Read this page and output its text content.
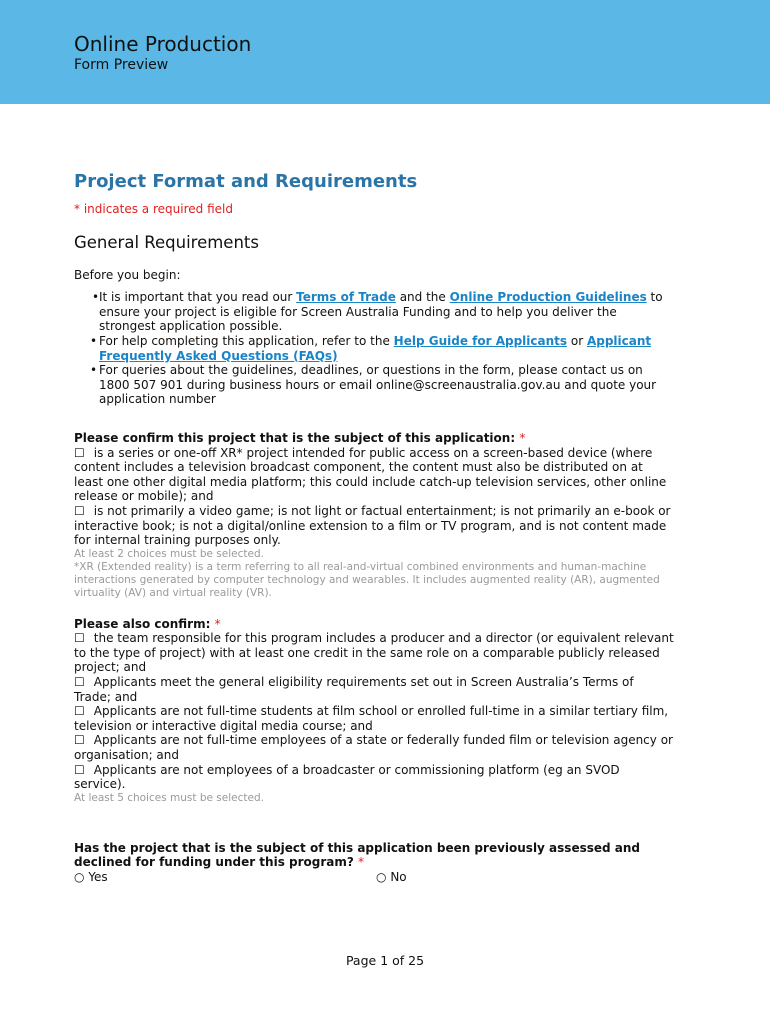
Online Production
Form Preview
Project Format and Requirements
* indicates a required field
General Requirements
Before you begin:
• It is important that you read our Terms of Trade and the Online Production Guidelines to ensure your project is eligible for Screen Australia Funding and to help you deliver the strongest application possible.
• For help completing this application, refer to the Help Guide for Applicants or Applicant Frequently Asked Questions (FAQs)
• For queries about the guidelines, deadlines, or questions in the form, please contact us on 1800 507 901 during business hours or email online@screenaustralia.gov.au and quote your application number
Please confirm this project that is the subject of this application: *
☐ is a series or one-off XR* project intended for public access on a screen-based device (where content includes a television broadcast component, the content must also be distributed on at least one other digital media platform; this could include catch-up television services, other online release or mobile); and
☐ is not primarily a video game; is not light or factual entertainment; is not primarily an e-book or interactive book; is not a digital/online extension to a film or TV program, and is not content made for internal training purposes only.
At least 2 choices must be selected.
*XR (Extended reality) is a term referring to all real-and-virtual combined environments and human-machine interactions generated by computer technology and wearables. It includes augmented reality (AR), augmented virtuality (AV) and virtual reality (VR).
Please also confirm: *
☐ the team responsible for this program includes a producer and a director (or equivalent relevant to the type of project) with at least one credit in the same role on a comparable publicly released project; and
☐ Applicants meet the general eligibility requirements set out in Screen Australia’s Terms of Trade; and
☐ Applicants are not full-time students at film school or enrolled full-time in a similar tertiary film, television or interactive digital media course; and
☐ Applicants are not full-time employees of a state or federally funded film or television agency or organisation; and
☐ Applicants are not employees of a broadcaster or commissioning platform (eg an SVOD service).
At least 5 choices must be selected.
Has the project that is the subject of this application been previously assessed and declined for funding under this program? *
○ Yes	○ No
Page 1 of 25
